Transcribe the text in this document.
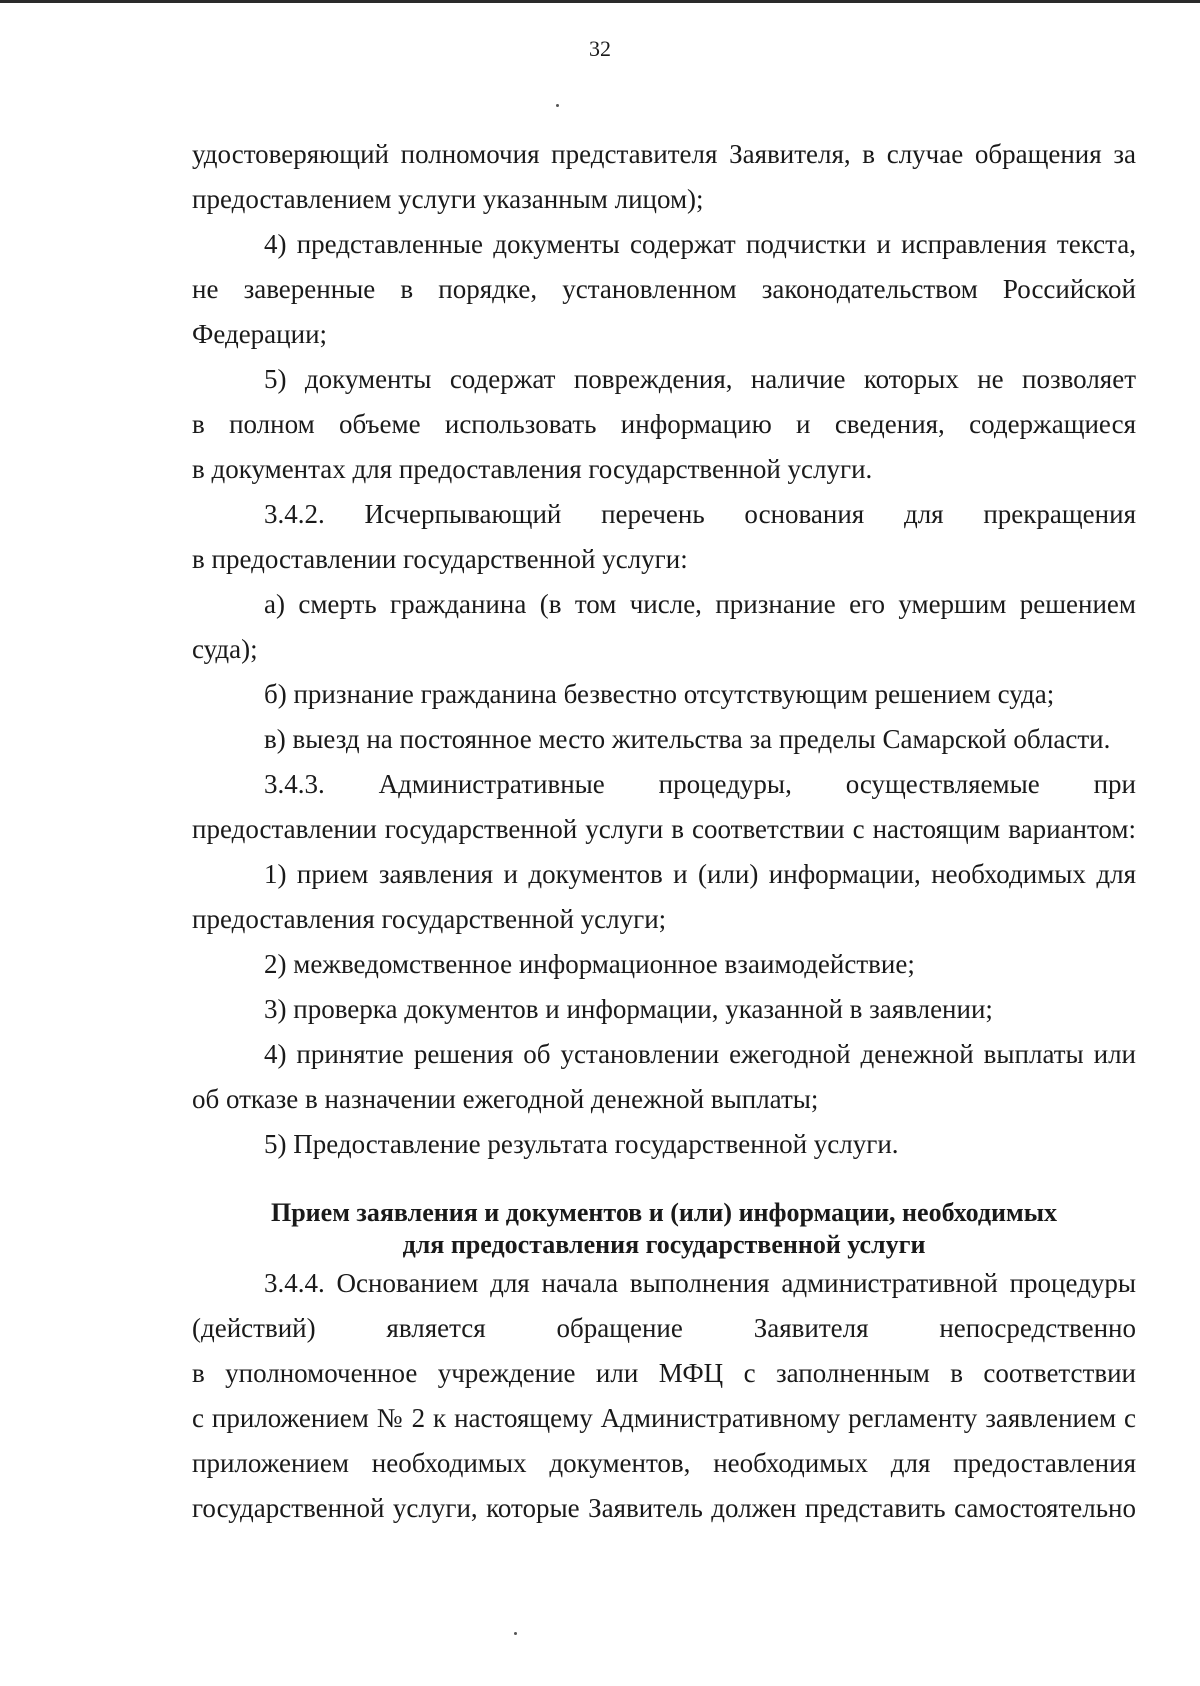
32
удостоверяющий полномочия представителя Заявителя, в случае обращения за
предоставлением услуги указанным лицом);
4) представленные документы содержат подчистки и исправления текста,
не заверенные в порядке, установленном законодательством Российской
Федерации;
5) документы содержат повреждения, наличие которых не позволяет
в полном объеме использовать информацию и сведения, содержащиеся
в документах для предоставления государственной услуги.
3.4.2. Исчерпывающий перечень основания для прекращения
в предоставлении государственной услуги:
а) смерть гражданина (в том числе, признание его умершим решением
суда);
б) признание гражданина безвестно отсутствующим решением суда;
в) выезд на постоянное место жительства за пределы Самарской области.
3.4.3. Административные процедуры, осуществляемые при
предоставлении государственной услуги в соответствии с настоящим вариантом:
1) прием заявления и документов и (или) информации, необходимых для
предоставления государственной услуги;
2) межведомственное информационное взаимодействие;
3) проверка документов и информации, указанной в заявлении;
4) принятие решения об установлении ежегодной денежной выплаты или
об отказе в назначении ежегодной денежной выплаты;
5) Предоставление результата государственной услуги.
Прием заявления и документов и (или) информации, необходимых
для предоставления государственной услуги
3.4.4. Основанием для начала выполнения административной процедуры
(действий) является обращение Заявителя непосредственно
в уполномоченное учреждение или МФЦ с заполненным в соответствии
с приложением № 2 к настоящему Административному регламенту заявлением с
приложением необходимых документов, необходимых для предоставления
государственной услуги, которые Заявитель должен представить самостоятельно
